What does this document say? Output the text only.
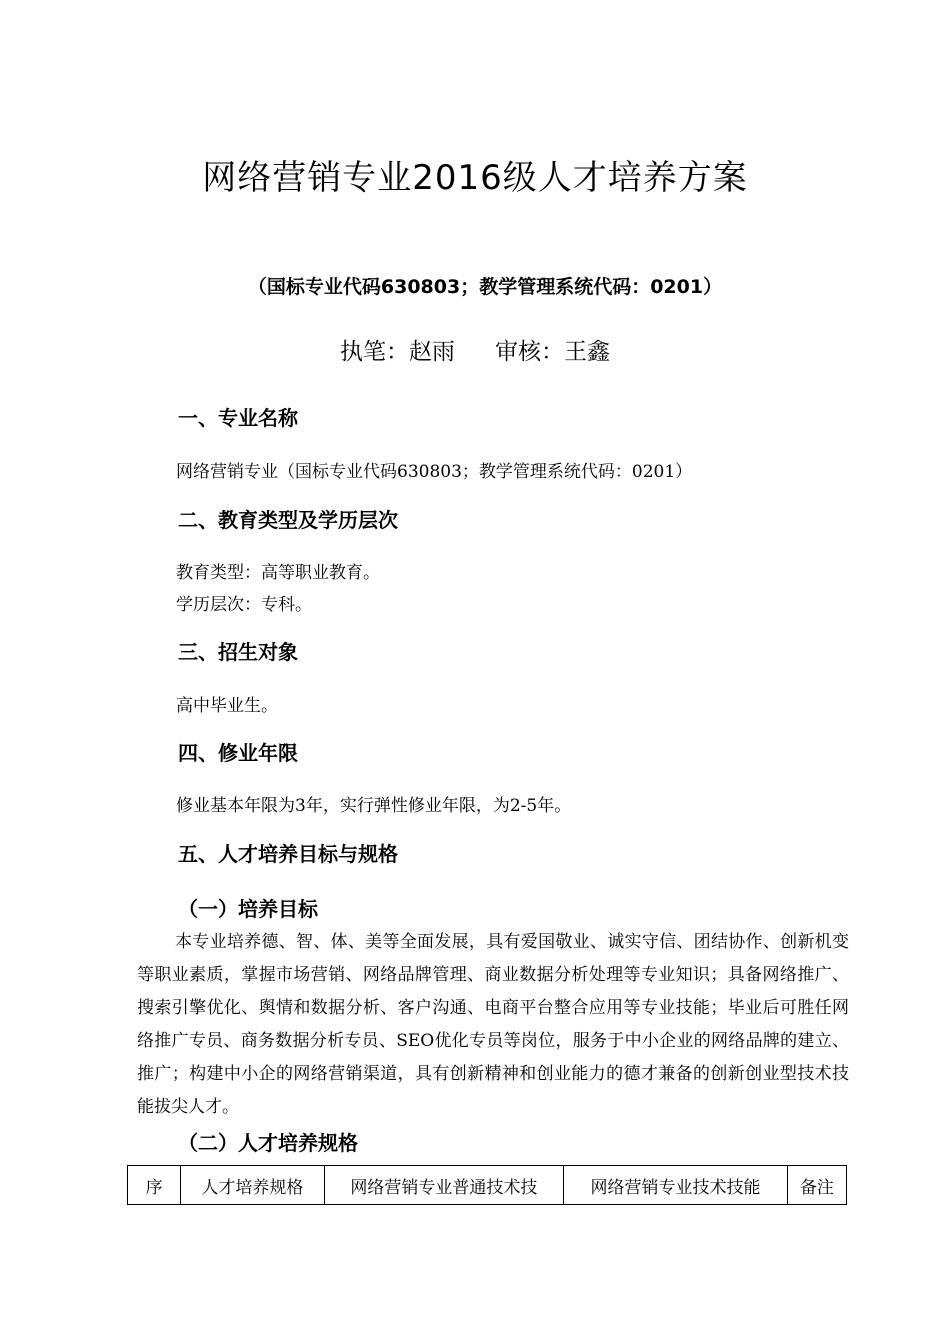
网络营销专业2016级人才培养方案
（国标专业代码630803；教学管理系统代码：0201）
执笔：赵雨 审核：王鑫
一、专业名称
网络营销专业（国标专业代码630803；教学管理系统代码：0201）
二、教育类型及学历层次
教育类型：高等职业教育。
学历层次：专科。
三、招生对象
高中毕业生。
四、修业年限
修业基本年限为3年，实行弹性修业年限，为2-5年。
五、人才培养目标与规格
（一）培养目标

本专业培养德、智、体、美等全面发展，具有爱国敬业、诚实守信、团结协作、创新机变等职业素质，掌握市场营销、网络品牌管理、商业数据分析处理等专业知识；具备网络推广、搜索引擎优化、舆情和数据分析、客户沟通、电商平台整合应用等专业技能；毕业后可胜任网络推广专员、商务数据分析专员、SEO优化专员等岗位，服务于中小企业的网络品牌的建立、推广；构建中小企的网络营销渠道，具有创新精神和创业能力的德才兼备的创新创业型技术技能拔尖人才。

（二）人才培养规格
序	人才培养规格	网络营销专业普通技术技	网络营销专业技术技能	备注
